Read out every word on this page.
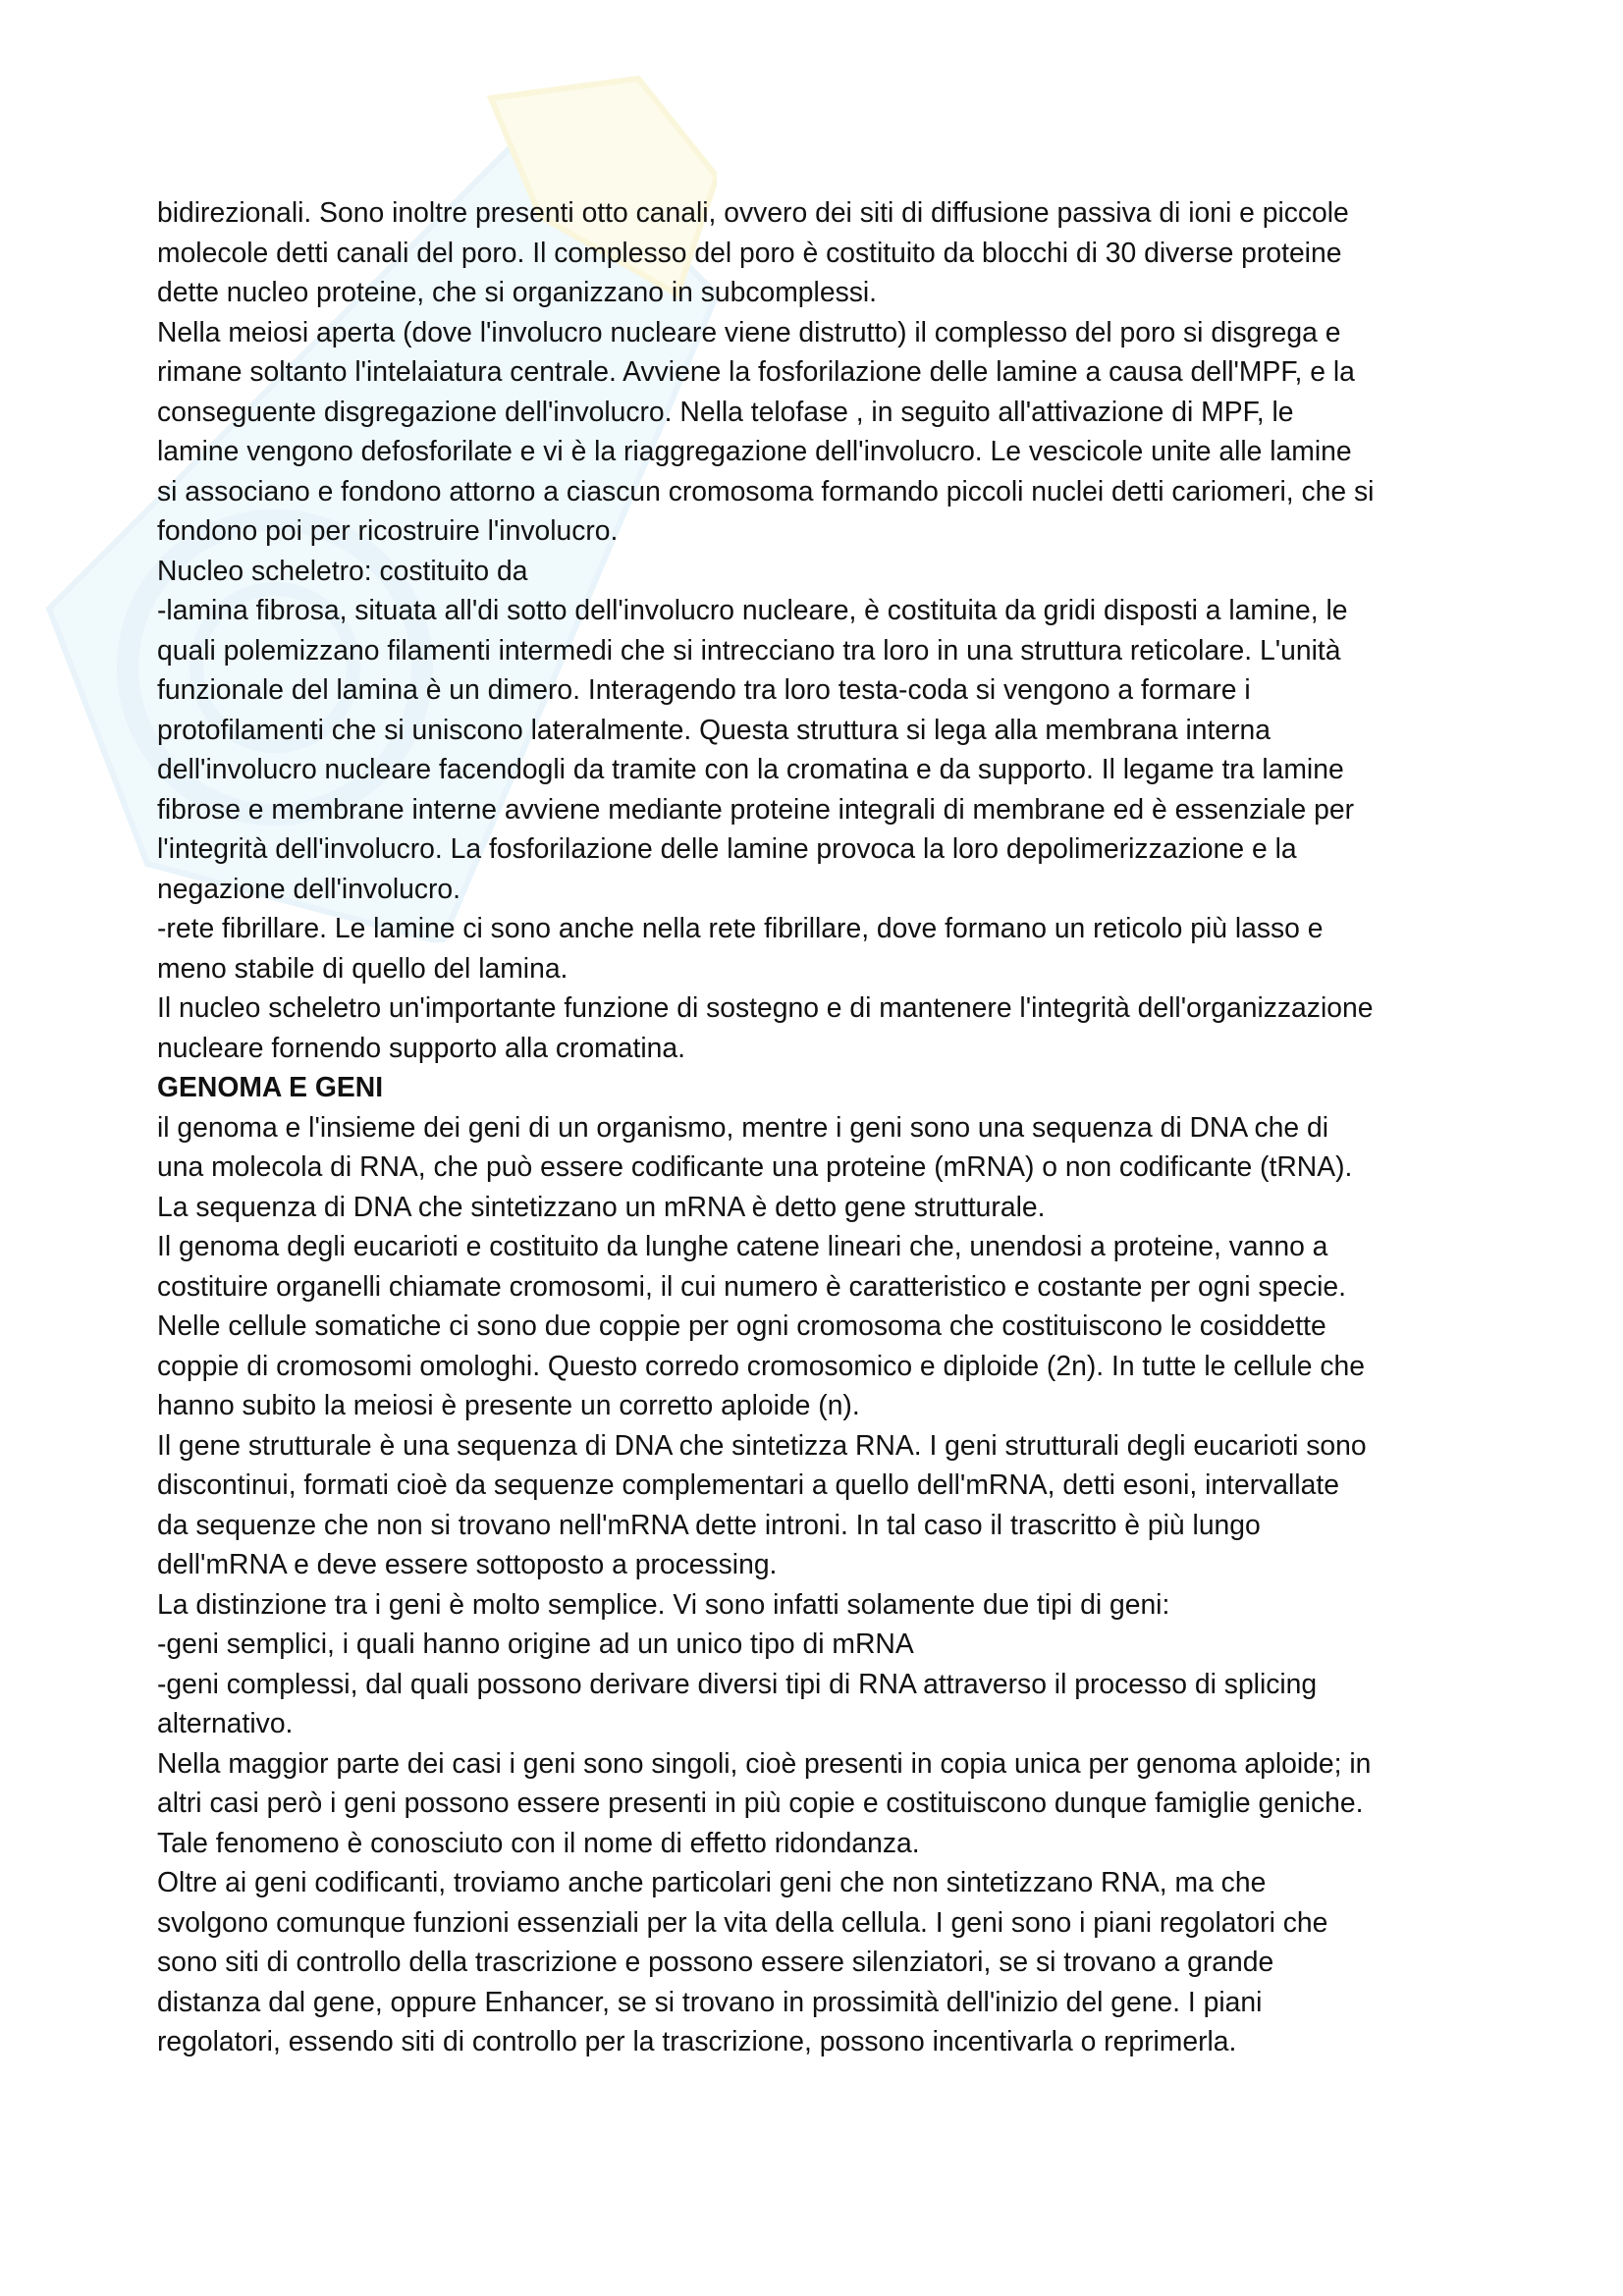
bidirezionali. Sono inoltre presenti otto canali, ovvero dei siti di diffusione passiva di ioni e piccole
molecole detti canali del poro. Il complesso del poro è costituito da blocchi di 30 diverse proteine
dette nucleo proteine, che si organizzano in subcomplessi.
Nella meiosi aperta (dove l'involucro nucleare viene distrutto) il complesso del poro si disgrega e
rimane soltanto l'intelaiatura centrale. Avviene la fosforilazione delle lamine a causa dell'MPF, e la
conseguente disgregazione dell'involucro. Nella telofase , in seguito all'attivazione di MPF, le
lamine vengono defosforilate e vi è la riaggregazione dell'involucro. Le vescicole unite alle lamine
si associano e fondono attorno a ciascun cromosoma formando piccoli nuclei detti cariomeri, che si
fondono poi per ricostruire l'involucro.
Nucleo scheletro: costituito da
-lamina fibrosa, situata all'di sotto dell'involucro nucleare, è costituita da gridi disposti a lamine, le
quali polemizzano filamenti intermedi che si intrecciano tra loro in una struttura reticolare. L'unità
funzionale del lamina è un dimero. Interagendo tra loro testa-coda si vengono a formare i
protofilamenti che si uniscono lateralmente. Questa struttura si lega alla membrana interna
dell'involucro nucleare facendogli da tramite con la cromatina e da supporto. Il legame tra lamine
fibrose e membrane interne avviene mediante proteine integrali di membrane ed è essenziale per
l'integrità dell'involucro. La fosforilazione delle lamine provoca la loro depolimerizzazione e la
negazione dell'involucro.
-rete fibrillare. Le lamine ci sono anche nella rete fibrillare, dove formano un reticolo più lasso e
meno stabile di quello del lamina.
Il nucleo scheletro un'importante funzione di sostegno e di mantenere l'integrità dell'organizzazione
nucleare fornendo supporto alla cromatina.
GENOMA E GENI
il genoma e l'insieme dei geni di un organismo, mentre i geni sono una sequenza di DNA che di
una molecola di RNA, che può essere codificante una proteine (mRNA) o non codificante (tRNA).
La sequenza di DNA che sintetizzano un mRNA è detto gene strutturale.
Il genoma degli eucarioti e costituito da lunghe catene lineari che, unendosi a proteine, vanno a
costituire organelli chiamate cromosomi, il cui numero è caratteristico e costante per ogni specie.
Nelle cellule somatiche ci sono due coppie per ogni cromosoma che costituiscono le cosiddette
coppie di cromosomi omologhi. Questo corredo cromosomico e diploide (2n). In tutte le cellule che
hanno subito la meiosi è presente un corretto aploide (n).
Il gene strutturale è una sequenza di DNA che sintetizza RNA. I geni strutturali degli eucarioti sono
discontinui, formati cioè da sequenze complementari a quello dell'mRNA, detti esoni, intervallate
da sequenze che non si trovano nell'mRNA dette introni. In tal caso il trascritto è più lungo
dell'mRNA e deve essere sottoposto a processing.
La distinzione tra i geni è molto semplice. Vi sono infatti solamente due tipi di geni:
-geni semplici, i quali hanno origine ad un unico tipo di mRNA
-geni complessi, dal quali possono derivare diversi tipi di RNA attraverso il processo di splicing
alternativo.
Nella maggior parte dei casi i geni sono singoli, cioè presenti in copia unica per genoma aploide; in
altri casi però i geni possono essere presenti in più copie e costituiscono dunque famiglie geniche.
Tale fenomeno è conosciuto con il nome di effetto ridondanza.
Oltre ai geni codificanti, troviamo anche particolari geni che non sintetizzano RNA, ma che
svolgono comunque funzioni essenziali per la vita della cellula. I geni sono i piani regolatori che
sono siti di controllo della trascrizione e possono essere silenziatori, se si trovano a grande
distanza dal gene, oppure Enhancer, se si trovano in prossimità dell'inizio del gene. I piani
regolatori, essendo siti di controllo per la trascrizione, possono incentivarla o reprimerla.
